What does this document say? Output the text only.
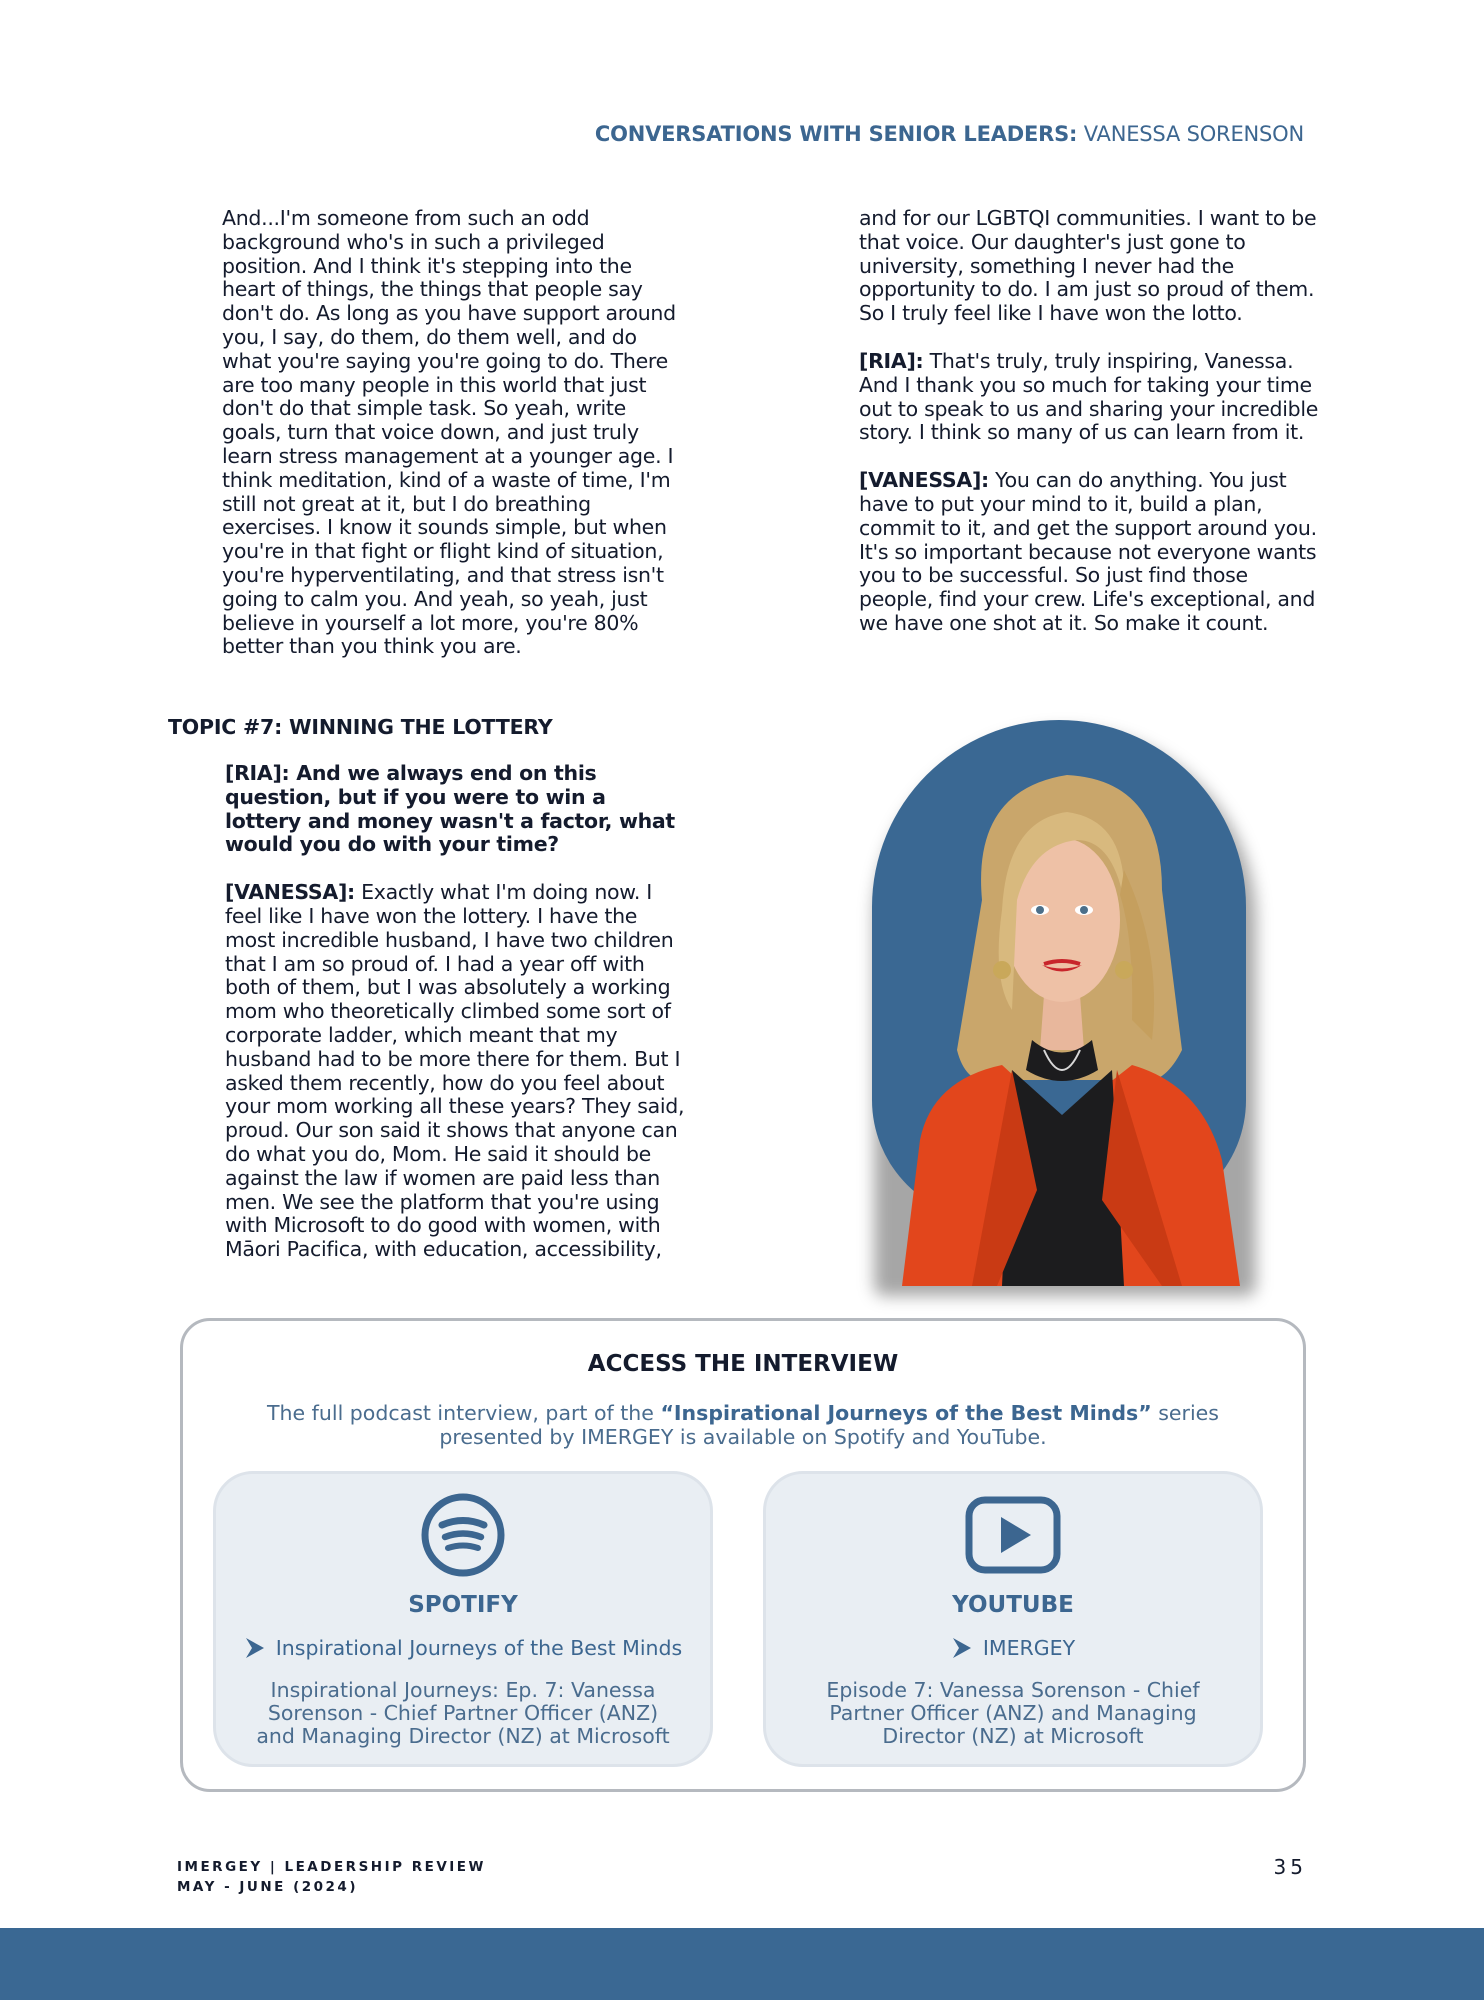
CONVERSATIONS WITH SENIOR LEADERS: VANESSA SORENSON

And...I'm someone from such an odd background who's in such a privileged position. And I think it's stepping into the heart of things, the things that people say don't do. As long as you have support around you, I say, do them, do them well, and do what you're saying you're going to do. There are too many people in this world that just don't do that simple task. So yeah, write goals, turn that voice down, and just truly learn stress management at a younger age. I think meditation, kind of a waste of time, I'm still not great at it, but I do breathing exercises. I know it sounds simple, but when you're in that fight or flight kind of situation, you're hyperventilating, and that stress isn't going to calm you. And yeah, so yeah, just believe in yourself a lot more, you're 80% better than you think you are.

TOPIC #7: WINNING THE LOTTERY

[RIA]: And we always end on this question, but if you were to win a lottery and money wasn't a factor, what would you do with your time?

[VANESSA]: Exactly what I'm doing now. I feel like I have won the lottery. I have the most incredible husband, I have two children that I am so proud of. I had a year off with both of them, but I was absolutely a working mom who theoretically climbed some sort of corporate ladder, which meant that my husband had to be more there for them. But I asked them recently, how do you feel about your mom working all these years? They said, proud. Our son said it shows that anyone can do what you do, Mom. He said it should be against the law if women are paid less than men. We see the platform that you're using with Microsoft to do good with women, with Māori Pacifica, with education, accessibility,

and for our LGBTQI communities. I want to be that voice. Our daughter's just gone to university, something I never had the opportunity to do. I am just so proud of them. So I truly feel like I have won the lotto.

[RIA]: That's truly, truly inspiring, Vanessa. And I thank you so much for taking your time out to speak to us and sharing your incredible story. I think so many of us can learn from it.

[VANESSA]: You can do anything. You just have to put your mind to it, build a plan, commit to it, and get the support around you. It's so important because not everyone wants you to be successful. So just find those people, find your crew. Life's exceptional, and we have one shot at it. So make it count.

ACCESS THE INTERVIEW
The full podcast interview, part of the “Inspirational Journeys of the Best Minds” series presented by IMERGEY is available on Spotify and YouTube.
SPOTIFY
Inspirational Journeys of the Best Minds
Inspirational Journeys: Ep. 7: Vanessa Sorenson - Chief Partner Officer (ANZ) and Managing Director (NZ) at Microsoft
YOUTUBE
IMERGEY
Episode 7: Vanessa Sorenson - Chief Partner Officer (ANZ) and Managing Director (NZ) at Microsoft
IMERGEY | LEADERSHIP REVIEW
MAY - JUNE (2024)
35
